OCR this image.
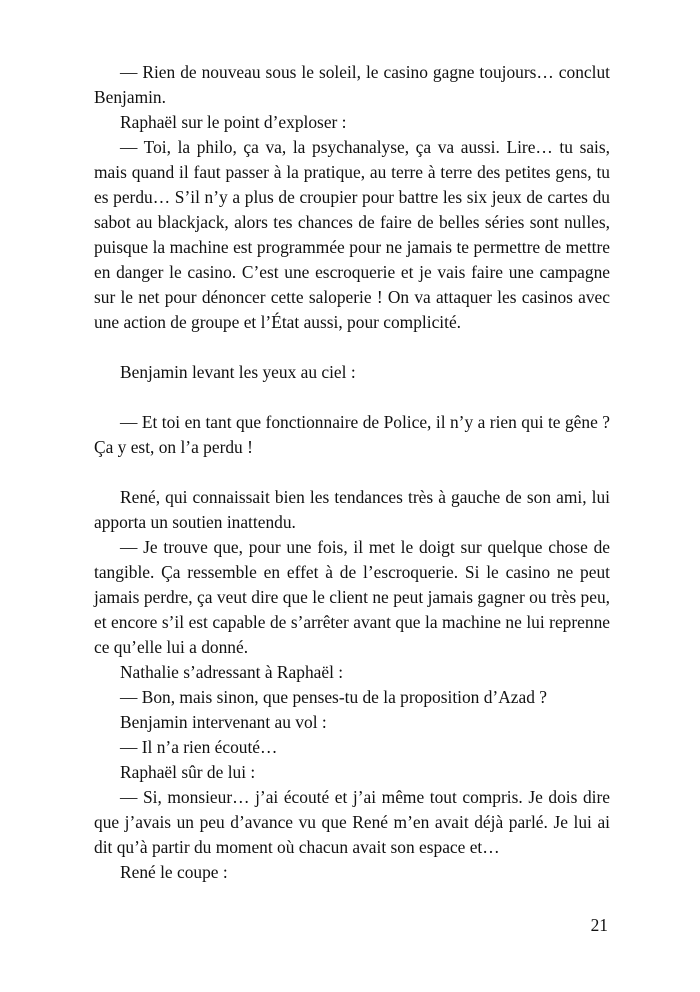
— Rien de nouveau sous le soleil, le casino gagne toujours… conclut Benjamin.

Raphaël sur le point d’exploser :

— Toi, la philo, ça va, la psychanalyse, ça va aussi. Lire… tu sais, mais quand il faut passer à la pratique, au terre à terre des petites gens, tu es perdu… S’il n’y a plus de croupier pour battre les six jeux de cartes du sabot au blackjack, alors tes chances de faire de belles séries sont nulles, puisque la machine est programmée pour ne jamais te permettre de mettre en danger le casino. C’est une escroquerie et je vais faire une campagne sur le net pour dénoncer cette saloperie ! On va attaquer les casinos avec une action de groupe et l’État aussi, pour complicité.

Benjamin levant les yeux au ciel :

— Et toi en tant que fonctionnaire de Police, il n’y a rien qui te gêne ? Ça y est, on l’a perdu !

René, qui connaissait bien les tendances très à gauche de son ami, lui apporta un soutien inattendu.

— Je trouve que, pour une fois, il met le doigt sur quelque chose de tangible. Ça ressemble en effet à de l’escroquerie. Si le casino ne peut jamais perdre, ça veut dire que le client ne peut jamais gagner ou très peu, et encore s’il est capable de s’arrêter avant que la machine ne lui reprenne ce qu’elle lui a donné.

Nathalie s’adressant à Raphaël :

— Bon, mais sinon, que penses-tu de la proposition d’Azad ?

Benjamin intervenant au vol :

— Il n’a rien écouté…

Raphaël sûr de lui :

— Si, monsieur… j’ai écouté et j’ai même tout compris. Je dois dire que j’avais un peu d’avance vu que René m’en avait déjà parlé. Je lui ai dit qu’à partir du moment où chacun avait son espace et…

René le coupe :

21
